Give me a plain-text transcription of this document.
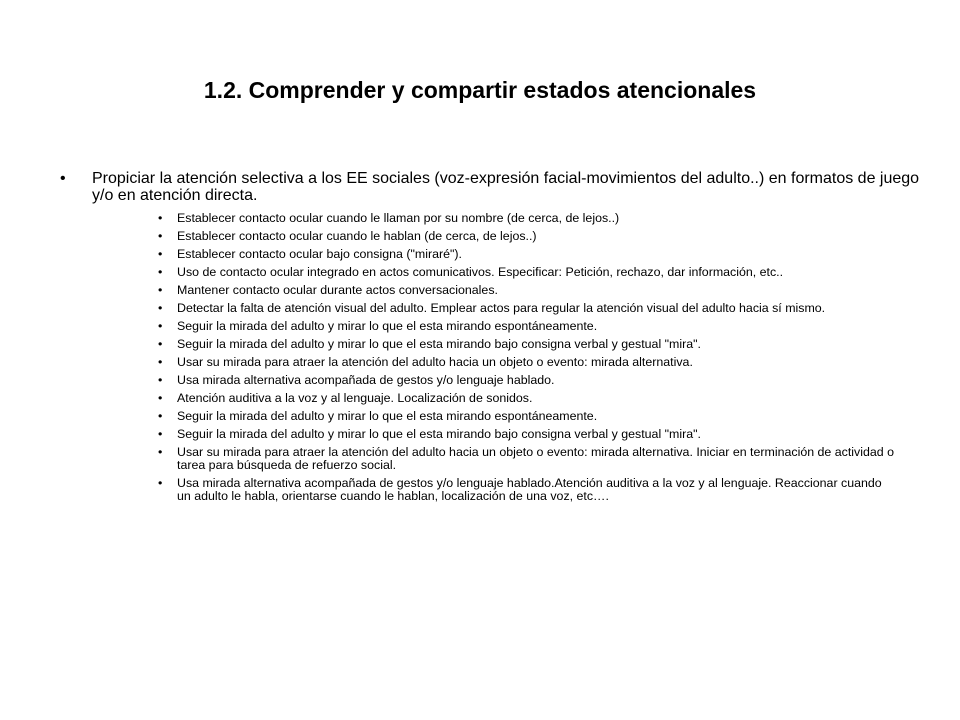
1.2. Comprender y compartir estados atencionales
• Propiciar la atención selectiva a los EE sociales (voz-expresión facial-movimientos del adulto..) en formatos de juego y/o en atención directa.
• Establecer contacto ocular cuando le llaman por su nombre (de cerca, de lejos..)
• Establecer contacto ocular cuando le hablan (de cerca, de lejos..)
• Establecer contacto ocular bajo consigna ("miraré").
• Uso de contacto ocular integrado en actos comunicativos. Especificar: Petición, rechazo, dar información, etc..
• Mantener contacto ocular durante actos conversacionales.
• Detectar la falta de atención visual del adulto. Emplear actos para regular la atención visual del adulto hacia sí mismo.
• Seguir la mirada del adulto y mirar lo que el esta mirando espontáneamente.
• Seguir la mirada del adulto y mirar lo que el esta mirando bajo consigna verbal y gestual "mira".
• Usar su mirada para atraer la atención del adulto hacia un objeto o evento: mirada alternativa.
• Usa mirada alternativa acompañada de gestos y/o lenguaje hablado.
• Atención auditiva a la voz y al lenguaje. Localización de sonidos.
• Seguir la mirada del adulto y mirar lo que el esta mirando espontáneamente.
• Seguir la mirada del adulto y mirar lo que el esta mirando bajo consigna verbal y gestual "mira".
• Usar su mirada para atraer la atención del adulto hacia un objeto o evento: mirada alternativa. Iniciar en terminación de actividad o tarea para búsqueda de refuerzo social.
• Usa mirada alternativa acompañada de gestos y/o lenguaje hablado.Atención auditiva a la voz y al lenguaje. Reaccionar cuando un adulto le habla, orientarse cuando le hablan, localización de una voz, etc….
